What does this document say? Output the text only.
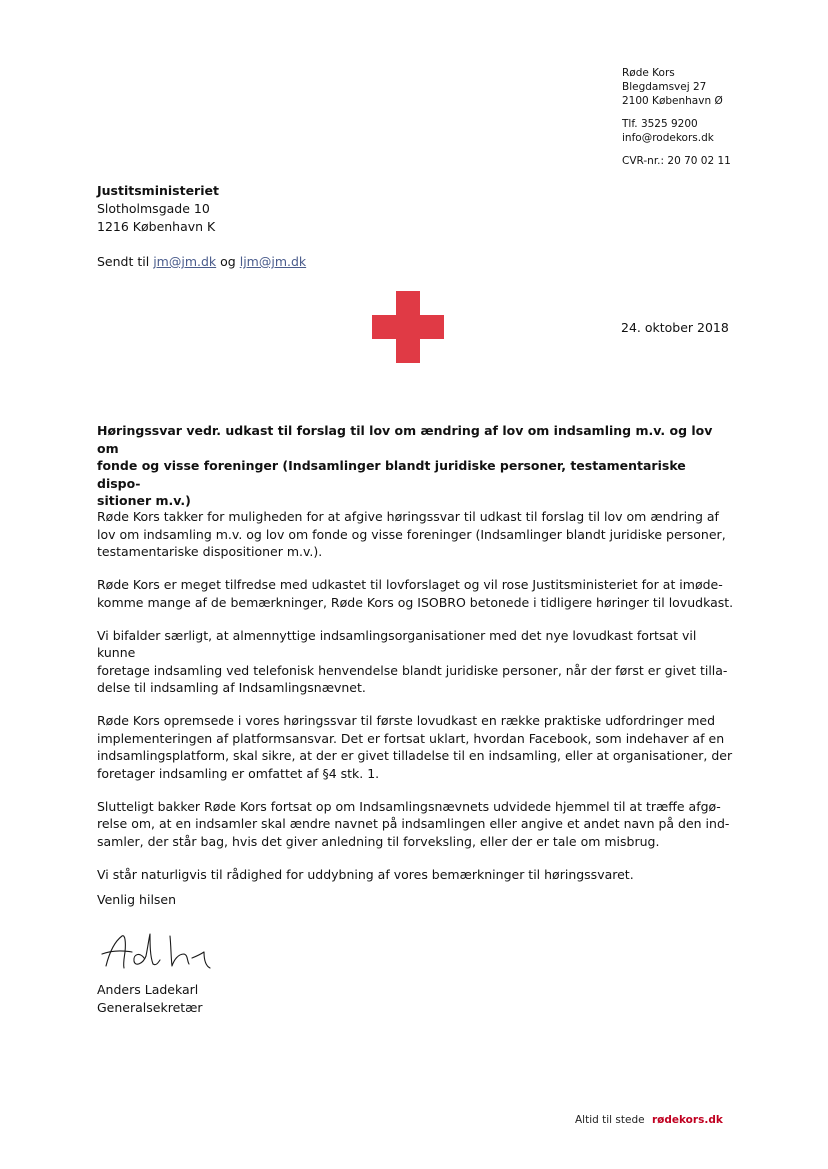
Røde Kors
Blegdamsvej 27
2100 København Ø
Tlf. 3525 9200
info@rodekors.dk
CVR-nr.: 20 70 02 11
Justitsministeriet
Slotholmsgade 10
1216 København K
Sendt til jm@jm.dk og ljm@jm.dk
24. oktober 2018
Høringssvar vedr. udkast til forslag til lov om ændring af lov om indsamling m.v. og lov om
fonde og visse foreninger (Indsamlinger blandt juridiske personer, testamentariske dispo-
sitioner m.v.)

Røde Kors takker for muligheden for at afgive høringssvar til udkast til forslag til lov om ændring af
lov om indsamling m.v. og lov om fonde og visse foreninger (Indsamlinger blandt juridiske personer,
testamentariske dispositioner m.v.).

Røde Kors er meget tilfredse med udkastet til lovforslaget og vil rose Justitsministeriet for at imøde-
komme mange af de bemærkninger, Røde Kors og ISOBRO betonede i tidligere høringer til lovudkast.

Vi bifalder særligt, at almennyttige indsamlingsorganisationer med det nye lovudkast fortsat vil kunne
foretage indsamling ved telefonisk henvendelse blandt juridiske personer, når der først er givet tilla-
delse til indsamling af Indsamlingsnævnet.

Røde Kors opremsede i vores høringssvar til første lovudkast en række praktiske udfordringer med
implementeringen af platformsansvar. Det er fortsat uklart, hvordan Facebook, som indehaver af en
indsamlingsplatform, skal sikre, at der er givet tilladelse til en indsamling, eller at organisationer, der
foretager indsamling er omfattet af §4 stk. 1.

Slutteligt bakker Røde Kors fortsat op om Indsamlingsnævnets udvidede hjemmel til at træffe afgø-
relse om, at en indsamler skal ændre navnet på indsamlingen eller angive et andet navn på den ind-
samler, der står bag, hvis det giver anledning til forveksling, eller der er tale om misbrug.

Vi står naturligvis til rådighed for uddybning af vores bemærkninger til høringssvaret.

Venlig hilsen
Anders Ladekarl
Generalsekretær
Altid til stede rødekors.dk
